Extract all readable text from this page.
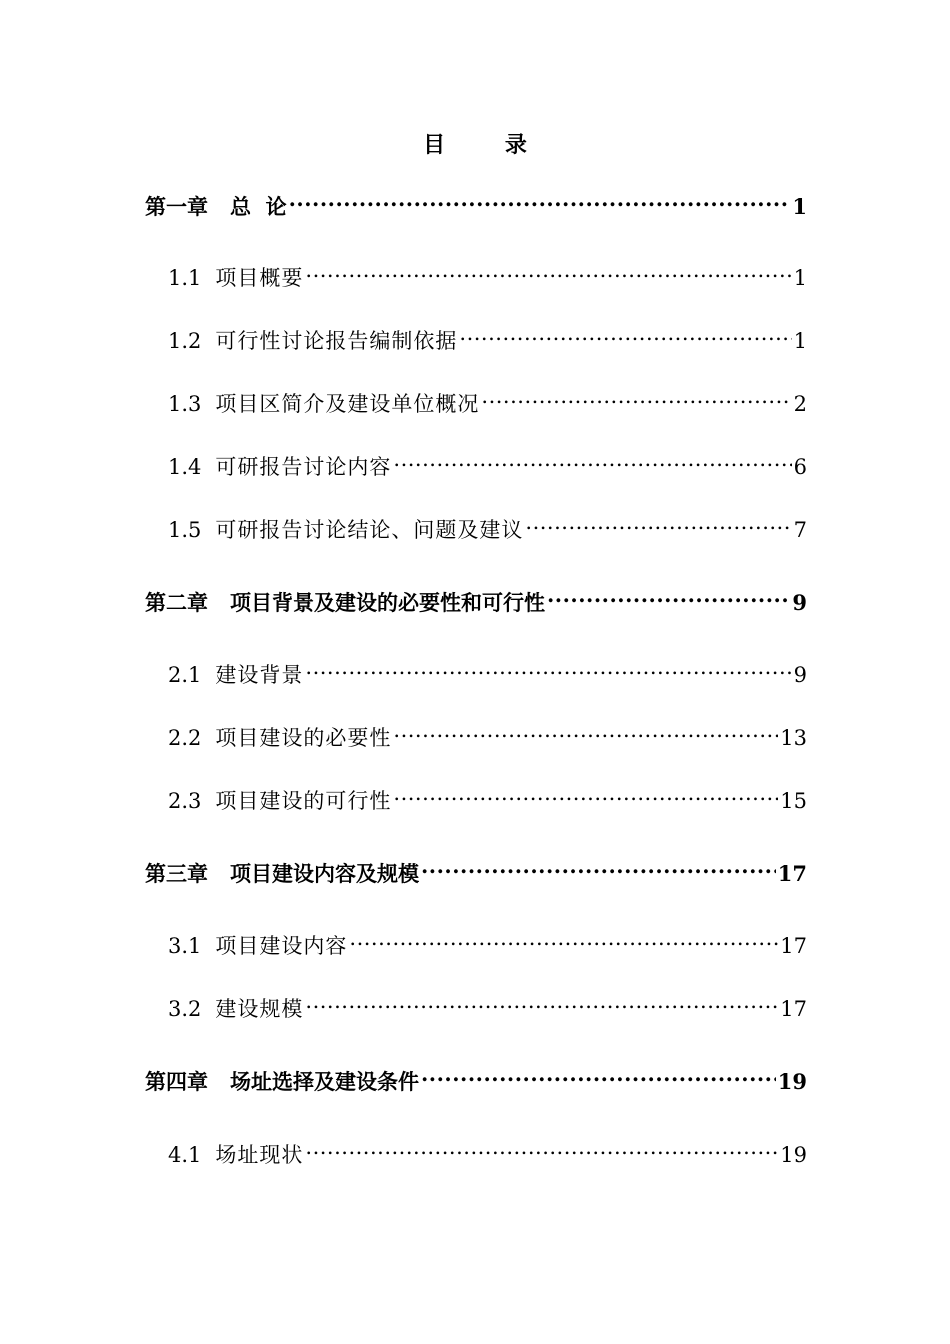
目 录
第一章 总  论 .....	1
1.1 项目概要 .....	1
1.2 可行性讨论报告编制依据 .....	1
1.3 项目区简介及建设单位概况 .....	2
1.4 可研报告讨论内容 .....	6
1.5 可研报告讨论结论、问题及建议 .....	7
第二章 项目背景及建设的必要性和可行性 .....	9
2.1 建设背景 .....	9
2.2 项目建设的必要性 .....	13
2.3 项目建设的可行性 .....	15
第三章 项目建设内容及规模 .....	17
3.1 项目建设内容 .....	17
3.2 建设规模 .....	17
第四章 场址选择及建设条件 .....	19
4.1 场址现状 .....	19
